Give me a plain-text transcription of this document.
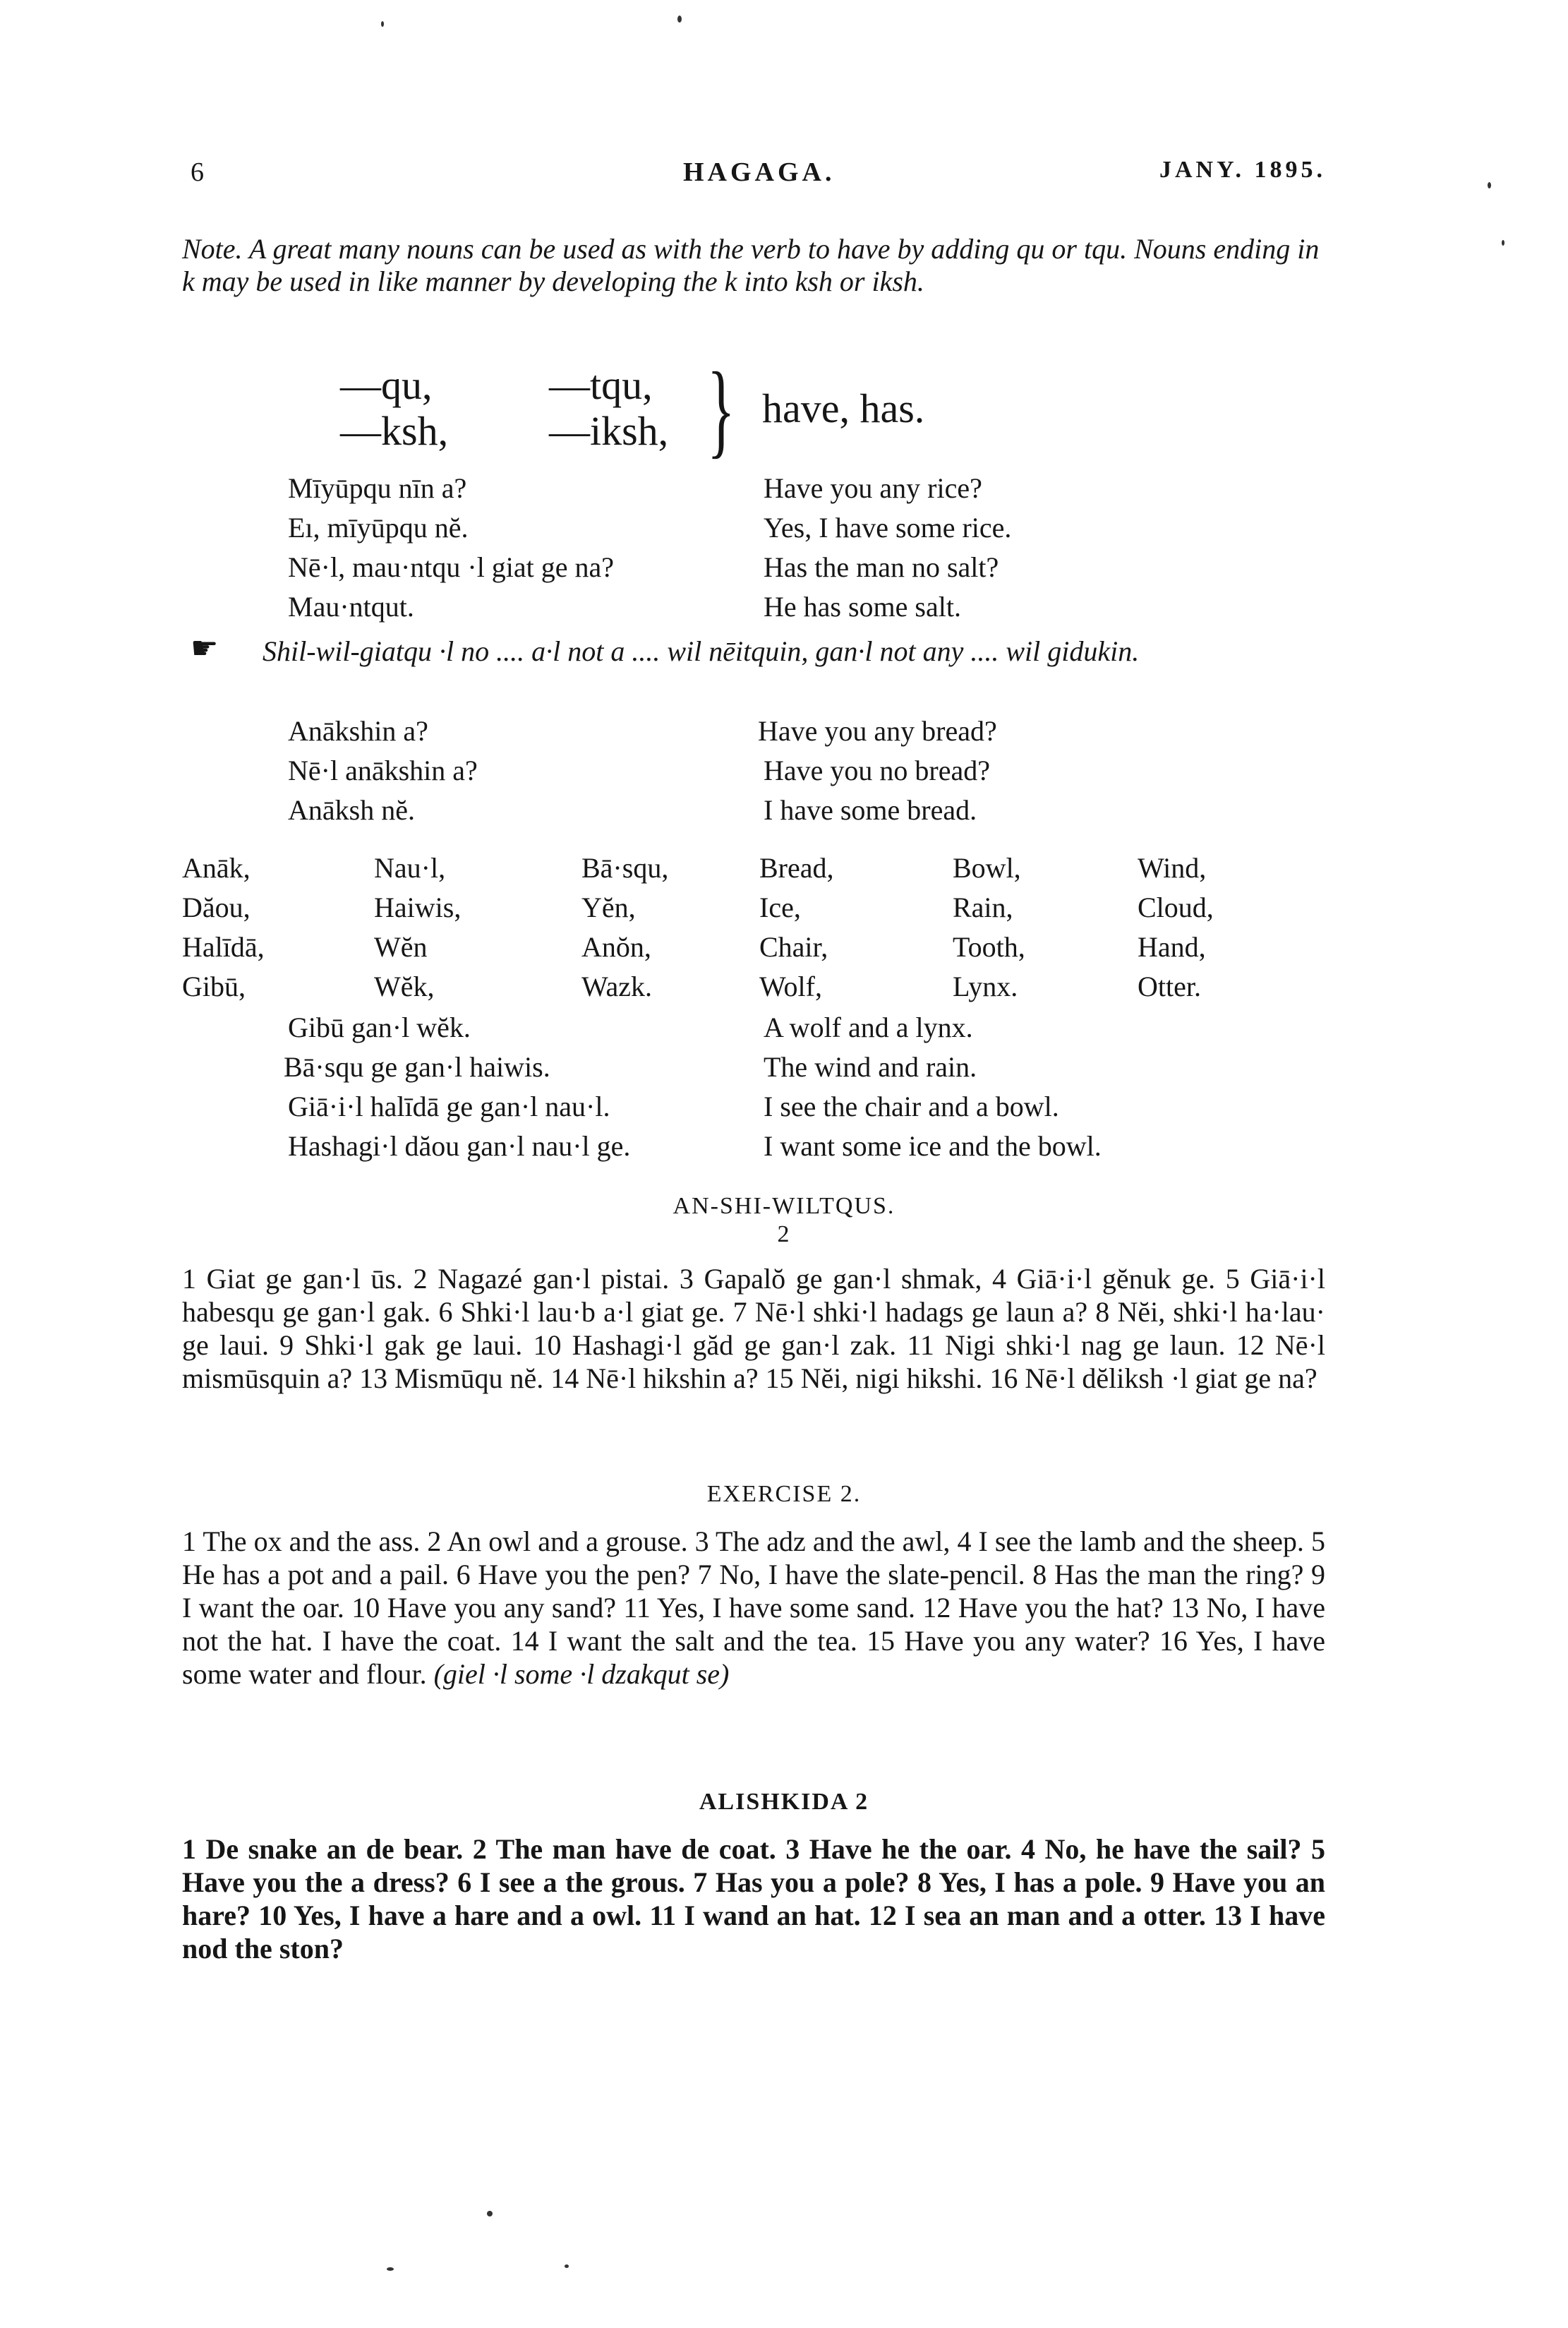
6	HAGAGA.	JANY. 1895.
Note. A great many nouns can be used as with the verb to have by adding qu or tqu. Nouns ending in k may be used in like manner by developing the k into ksh or iksh.
—qu,	—tqu,
—ksh, —iksh, } have, has.
Mīyūpqu nīn a?	Have you any rice?
Eı, mīyūpqu nĕ.	Yes, I have some rice.
Nē·l, mau·ntqu ·l giat ge na?	Has the man no salt?
Mau·ntqut.	He has some salt.
☛ Shil-wil-giatqu ·l no .... a·l not a .... wil nēitquin, gan·l not any .... wil gidukin.
Anākshin a?	Have you any bread?
Nē·l anākshin a?	Have you no bread?
Anāksh nĕ.	I have some bread.
Anāk,	Nau·l,	Bā·squ,	Bread,	Bowl,	Wind,
Dăou,	Haiwis,	Yĕn,	Ice,	Rain,	Cloud,
Halīdā,	Wĕn	Anŏn,	Chair,	Tooth,	Hand,
Gibū,	Wĕk,	Wazk.	Wolf,	Lynx.	Otter.
Gibū gan·l wĕk.	A wolf and a lynx.
Bā·squ ge gan·l haiwis.	The wind and rain.
Giā·i·l halīdā ge gan·l nau·l.	I see the chair and a bowl.
Hashagi·l dăou gan·l nau·l ge.	I want some ice and the bowl.
AN-SHI-WILTQUS.
2
1 Giat ge gan·l ūs. 2 Nagazé gan·l pistai. 3 Gapalŏ ge gan·l shmak, 4 Giā·i·l gĕnuk ge. 5 Giā·i·l habesqu ge gan·l gak. 6 Shki·l lau·b a·l giat ge. 7 Nē·l shki·l hadags ge laun a? 8 Nĕi, shki·l ha·lau· ge laui. 9 Shki·l gak ge laui. 10 Hashagi·l găd ge gan·l zak. 11 Nigi shki·l nag ge laun. 12 Nē·l mismūsquin a? 13 Mismūqu nĕ. 14 Nē·l hikshin a? 15 Nĕi, nigi hikshi. 16 Nē·l dĕliksh ·l giat ge na?
EXERCISE 2.
1 The ox and the ass. 2 An owl and a grouse. 3 The adz and the awl, 4 I see the lamb and the sheep. 5 He has a pot and a pail. 6 Have you the pen? 7 No, I have the slate-pencil. 8 Has the man the ring? 9 I want the oar. 10 Have you any sand? 11 Yes, I have some sand. 12 Have you the hat? 13 No, I have not the hat. I have the coat. 14 I want the salt and the tea. 15 Have you any water? 16 Yes, I have some water and flour. (giel ·l some ·l dzakqut se)
ALISHKIDA 2
1 De snake an de bear. 2 The man have de coat. 3 Have he the oar. 4 No, he have the sail? 5 Have you the a dress? 6 I see a the grous. 7 Has you a pole? 8 Yes, I has a pole. 9 Have you an hare? 10 Yes, I have a hare and a owl. 11 I wand an hat. 12 I sea an man and a otter. 13 I have nod the ston?
